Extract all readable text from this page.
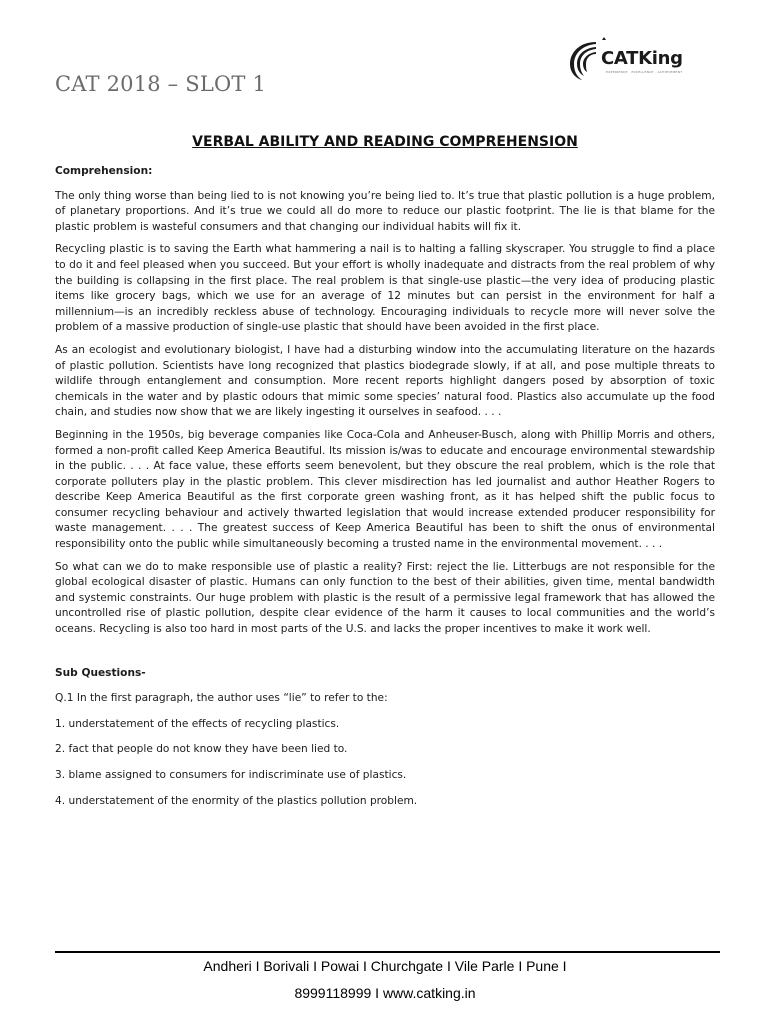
CAT 2018 – SLOT 1
CATKing
EXPERIENCE · EXCELLENCE · ACHIEVEMENT
VERBAL ABILITY AND READING COMPREHENSION
Comprehension:

The only thing worse than being lied to is not knowing you’re being lied to. It’s true that plastic pollution is a huge problem, of planetary proportions. And it’s true we could all do more to reduce our plastic footprint. The lie is that blame for the plastic problem is wasteful consumers and that changing our individual habits will fix it.

Recycling plastic is to saving the Earth what hammering a nail is to halting a falling skyscraper. You struggle to find a place to do it and feel pleased when you succeed. But your effort is wholly inadequate and distracts from the real problem of why the building is collapsing in the first place. The real problem is that single-use plastic—the very idea of producing plastic items like grocery bags, which we use for an average of 12 minutes but can persist in the environment for half a millennium—is an incredibly reckless abuse of technology. Encouraging individuals to recycle more will never solve the problem of a massive production of single-use plastic that should have been avoided in the first place.

As an ecologist and evolutionary biologist, I have had a disturbing window into the accumulating literature on the hazards of plastic pollution. Scientists have long recognized that plastics biodegrade slowly, if at all, and pose multiple threats to wildlife through entanglement and consumption. More recent reports highlight dangers posed by absorption of toxic chemicals in the water and by plastic odours that mimic some species’ natural food. Plastics also accumulate up the food chain, and studies now show that we are likely ingesting it ourselves in seafood. . . .

Beginning in the 1950s, big beverage companies like Coca-Cola and Anheuser-Busch, along with Phillip Morris and others, formed a non-profit called Keep America Beautiful. Its mission is/was to educate and encourage environmental stewardship in the public. . . . At face value, these efforts seem benevolent, but they obscure the real problem, which is the role that corporate polluters play in the plastic problem. This clever misdirection has led journalist and author Heather Rogers to describe Keep America Beautiful as the first corporate green washing front, as it has helped shift the public focus to consumer recycling behaviour and actively thwarted legislation that would increase extended producer responsibility for waste management. . . . The greatest success of Keep America Beautiful has been to shift the onus of environmental responsibility onto the public while simultaneously becoming a trusted name in the environmental movement. . . .

So what can we do to make responsible use of plastic a reality? First: reject the lie. Litterbugs are not responsible for the global ecological disaster of plastic. Humans can only function to the best of their abilities, given time, mental bandwidth and systemic constraints. Our huge problem with plastic is the result of a permissive legal framework that has allowed the uncontrolled rise of plastic pollution, despite clear evidence of the harm it causes to local communities and the world’s oceans. Recycling is also too hard in most parts of the U.S. and lacks the proper incentives to make it work well.

Sub Questions-
Q.1 In the first paragraph, the author uses “lie” to refer to the:
1. understatement of the effects of recycling plastics.
2. fact that people do not know they have been lied to.
3. blame assigned to consumers for indiscriminate use of plastics.
4. understatement of the enormity of the plastics pollution problem.
Andheri I Borivali I Powai I Churchgate I Vile Parle I Pune I
8999118999 I www.catking.in
